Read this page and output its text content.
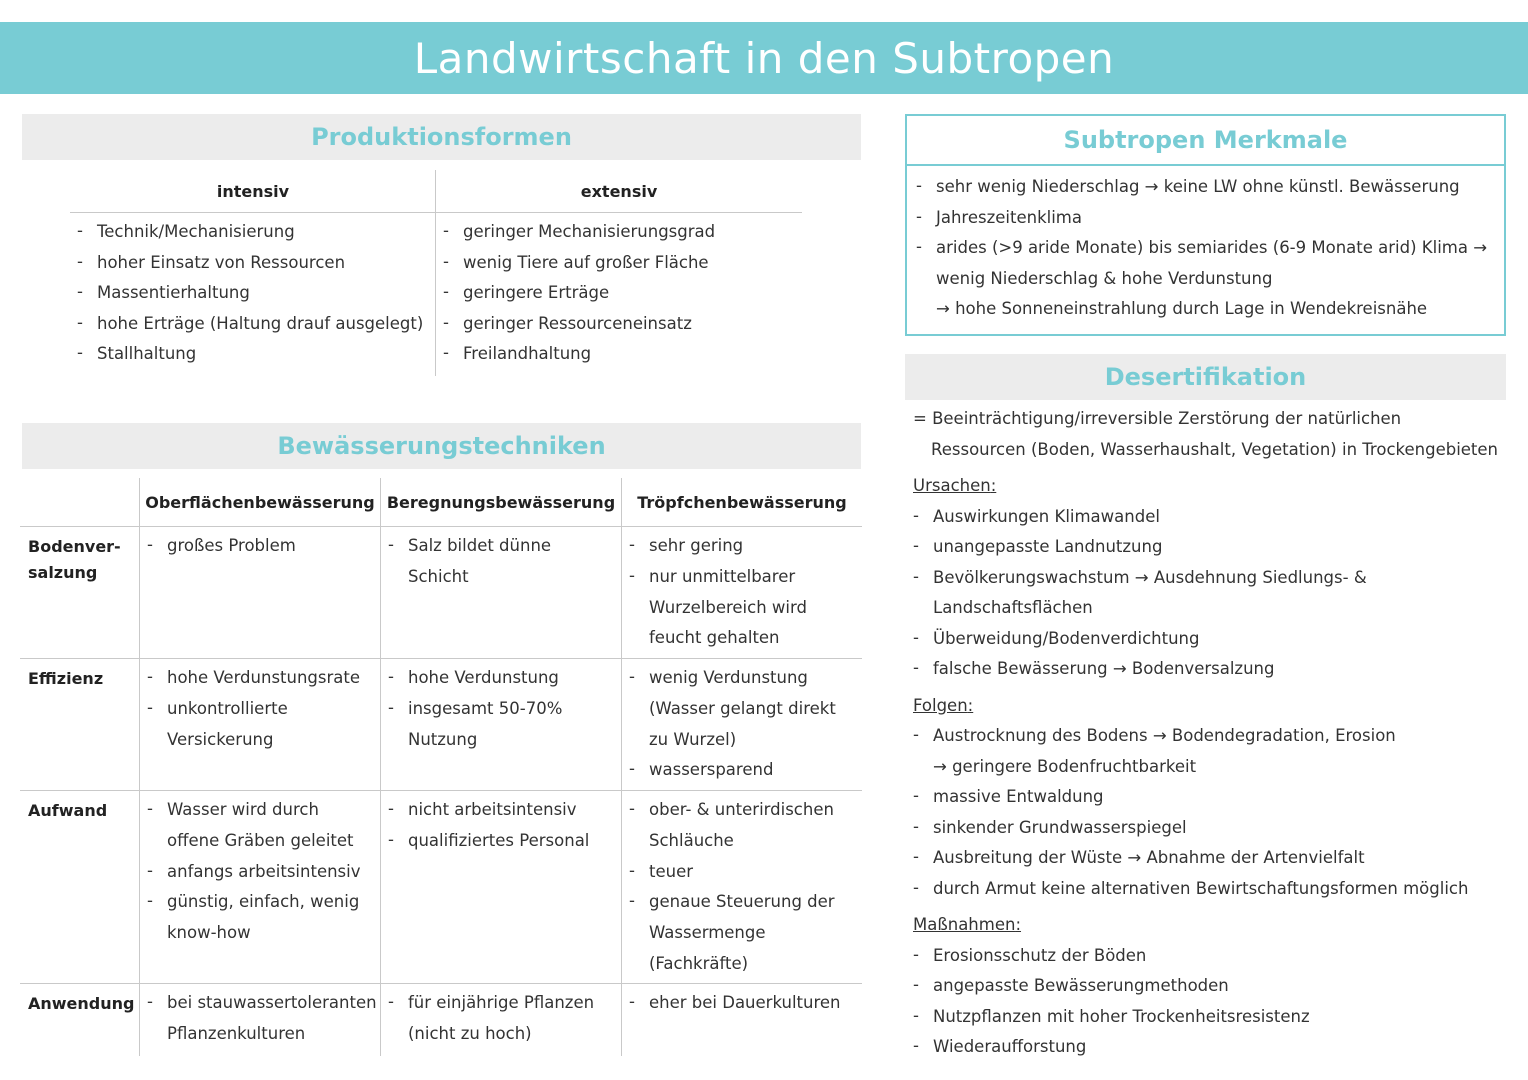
Landwirtschaft in den Subtropen
Produktionsformen
intensiv
- Technik/Mechanisierung
- hoher Einsatz von Ressourcen
- Massentierhaltung
- hohe Erträge (Haltung drauf ausgelegt)
- Stallhaltung
extensiv
- geringer Mechanisierungsgrad
- wenig Tiere auf großer Fläche
- geringere Erträge
- geringer Ressourceneinsatz
- Freilandhaltung
Bewässerungstechniken
Oberflächenbewässerung Beregnungsbewässerung	Tröpfchenbewässerung
Bodenver-
salzung
Effizienz
Aufwand
Anwendung
- großes Problem
-	Salz bildet dünne Schicht
- sehr gering
- nur unmittelbarer Wurzelbereich wird feucht gehalten
- hohe Verdunstungsrate
- unkontrollierte Versickerung
- hohe Verdunstung
- insgesamt 50-70% Nutzung
- wenig Verdunstung (Wasser gelangt direkt zu Wurzel)
- wassersparend
- Wasser wird durch offene Gräben geleitet
- anfangs arbeitsintensiv
- günstig, einfach, wenig know-how
- nicht arbeitsintensiv
- qualifiziertes Personal
- ober- & unterirdischen Schläuche
- teuer
- genaue Steuerung der Wassermenge (Fachkräfte)
- bei stauwassertoleranten Pflanzenkulturen
- für einjährige Pflanzen (nicht zu hoch)
- eher bei Dauerkulturen
Subtropen Merkmale
- sehr wenig Niederschlag → keine LW ohne künstl. Bewässerung
- Jahreszeitenklima
- arides (>9 aride Monate) bis semiarides (6-9 Monate arid) Klima → wenig Niederschlag & hohe Verdunstung
→ hohe Sonneneinstrahlung durch Lage in Wendekreisnähe
Desertifikation

= Beeinträchtigung/irreversible Zerstörung der natürlichen

Ressourcen (Boden, Wasserhaushalt, Vegetation) in Trockengebieten

Ursachen:

- Auswirkungen Klimawandel
- unangepasste Landnutzung
- Bevölkerungswachstum → Ausdehnung Siedlungs- & Landschaftsflächen
- Überweidung/Bodenverdichtung
- falsche Bewässerung → Bodenversalzung

Folgen:

- Austrocknung des Bodens → Bodendegradation, Erosion

→ geringere Bodenfruchtbarkeit

- massive Entwaldung
- sinkender Grundwasserspiegel
- Ausbreitung der Wüste → Abnahme der Artenvielfalt
- durch Armut keine alternativen Bewirtschaftungsformen möglich

Maßnahmen:

- Erosionsschutz der Böden
- angepasste Bewässerungmethoden
- Nutzpflanzen mit hoher Trockenheitsresistenz
- Wiederaufforstung
